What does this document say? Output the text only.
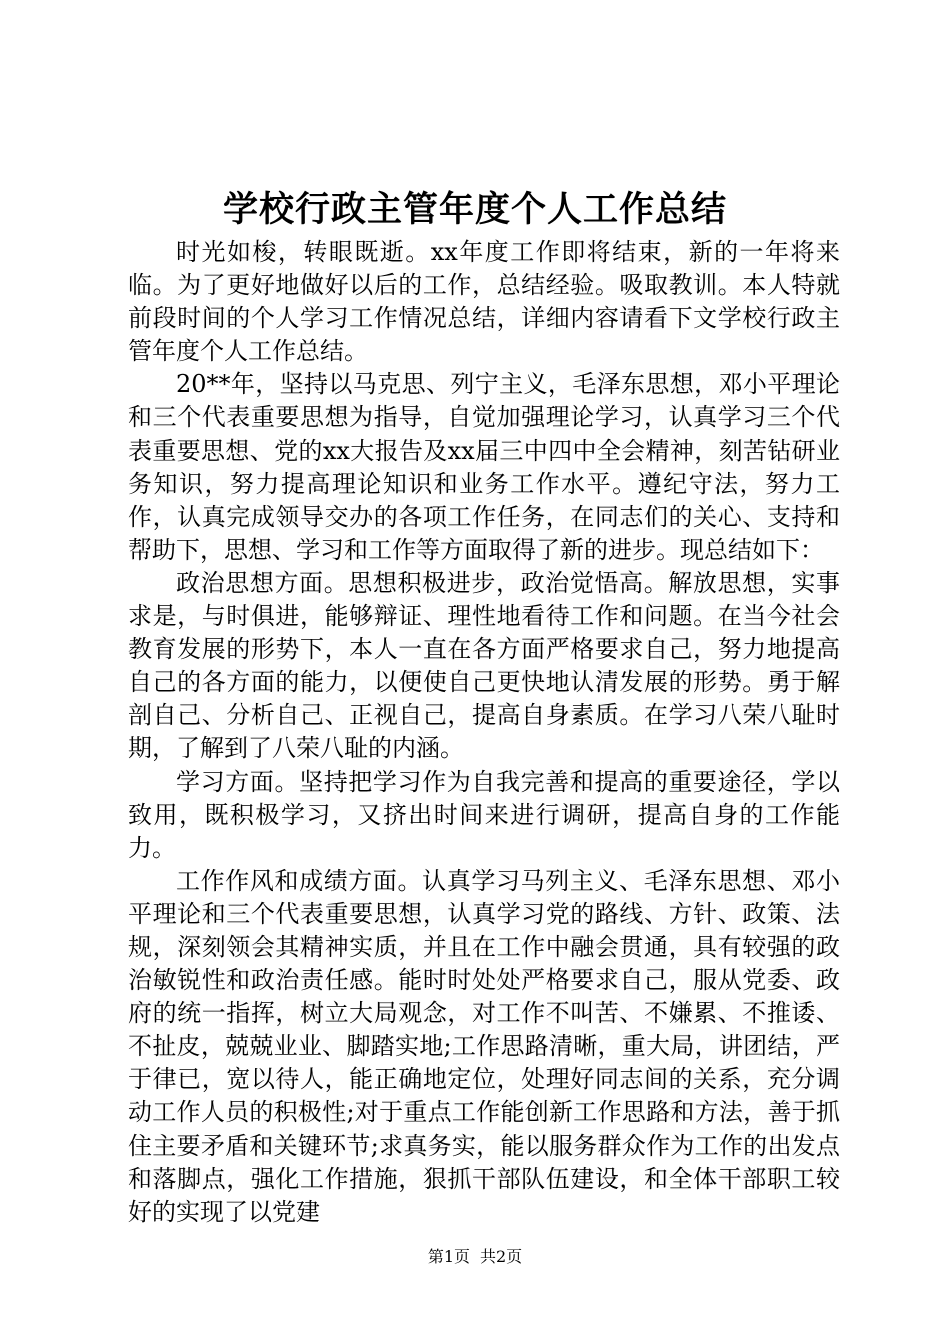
学校行政主管年度个人工作总结

时光如梭，转眼既逝。xx年度工作即将结束，新的一年将来临。为了更好地做好以后的工作，总结经验。吸取教训。本人特就前段时间的个人学习工作情况总结，详细内容请看下文学校行政主管年度个人工作总结。

20**年，坚持以马克思、列宁主义，毛泽东思想，邓小平理论和三个代表重要思想为指导，自觉加强理论学习，认真学习三个代表重要思想、党的xx大报告及xx届三中四中全会精神，刻苦钻研业务知识，努力提高理论知识和业务工作水平。遵纪守法，努力工作，认真完成领导交办的各项工作任务，在同志们的关心、支持和帮助下，思想、学习和工作等方面取得了新的进步。现总结如下：

政治思想方面。思想积极进步，政治觉悟高。解放思想，实事求是，与时俱进，能够辩证、理性地看待工作和问题。在当今社会教育发展的形势下，本人一直在各方面严格要求自己，努力地提高自己的各方面的能力，以便使自己更快地认清发展的形势。勇于解剖自己、分析自己、正视自己，提高自身素质。在学习八荣八耻时期，了解到了八荣八耻的内涵。

学习方面。坚持把学习作为自我完善和提高的重要途径，学以致用，既积极学习，又挤出时间来进行调研，提高自身的工作能力。

工作作风和成绩方面。认真学习马列主义、毛泽东思想、邓小平理论和三个代表重要思想，认真学习党的路线、方针、政策、法规，深刻领会其精神实质，并且在工作中融会贯通，具有较强的政治敏锐性和政治责任感。能时时处处严格要求自己，服从党委、政府的统一指挥，树立大局观念，对工作不叫苦、不嫌累、不推诿、不扯皮，兢兢业业、脚踏实地;工作思路清晰，重大局，讲团结，严于律已，宽以待人，能正确地定位，处理好同志间的关系，充分调动工作人员的积极性;对于重点工作能创新工作思路和方法，善于抓住主要矛盾和关键环节;求真务实，能以服务群众作为工作的出发点和落脚点，强化工作措施，狠抓干部队伍建设，和全体干部职工较好的实现了以党建

第1页 共2页
